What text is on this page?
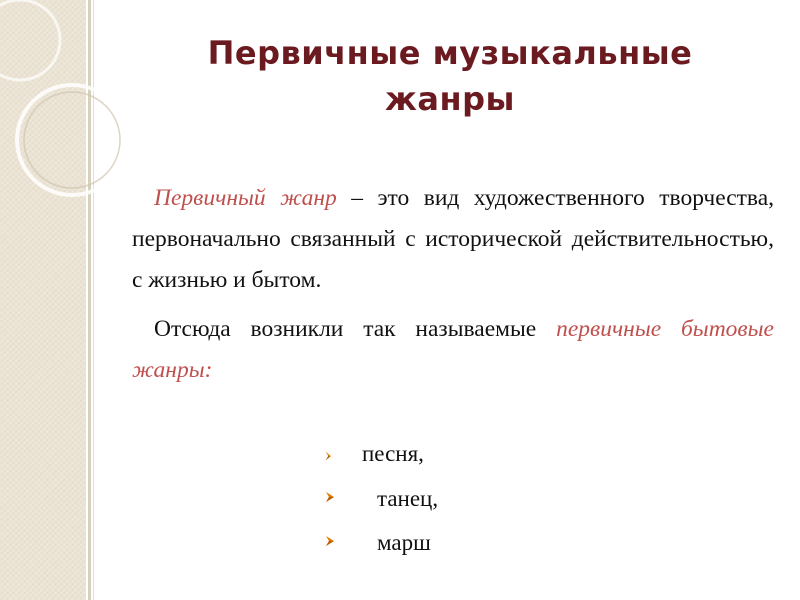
Первичные музыкальные
жанры

Первичный жанр – это вид художественного творчества, первоначально связанный с исторической действительностью, с жизнью и бытом.

Отсюда возникли так называемые первичные бытовые жанры:

песня,
танец,
марш
